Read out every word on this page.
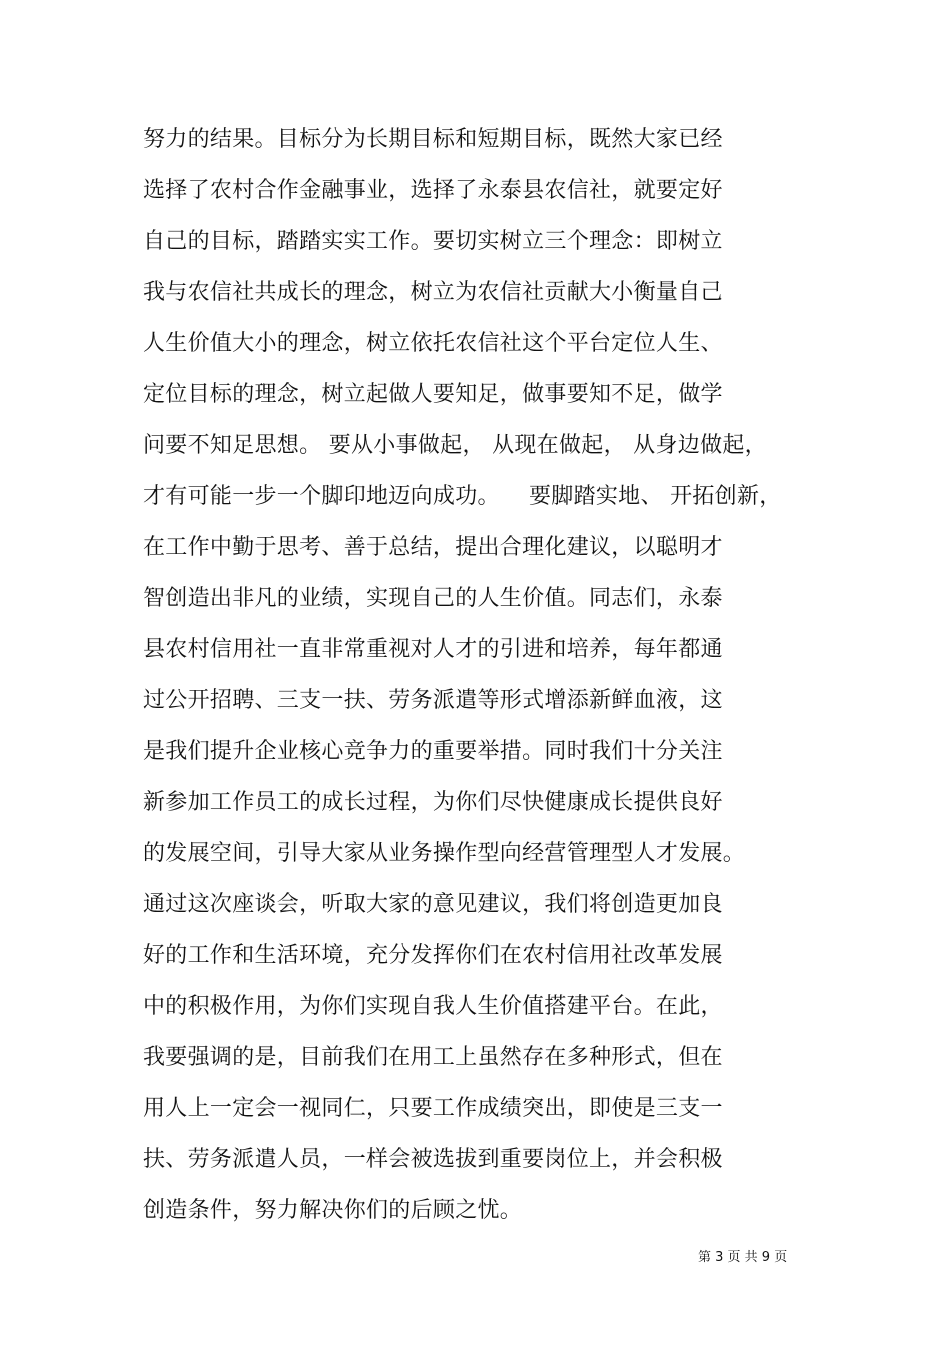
努力的结果。目标分为长期目标和短期目标，既然大家已经
选择了农村合作金融事业，选择了永泰县农信社，就要定好
自己的目标，踏踏实实工作。要切实树立三个理念：即树立
我与农信社共成长的理念，树立为农信社贡献大小衡量自己
人生价值大小的理念，树立依托农信社这个平台定位人生、
定位目标的理念，树立起做人要知足，做事要知不足，做学
问要不知足思想。 要从小事做起， 从现在做起， 从身边做起，
才有可能一步一个脚印地迈向成功。    要脚踏实地、 开拓创新，
在工作中勤于思考、善于总结，提出合理化建议，以聪明才
智创造出非凡的业绩，实现自己的人生价值。同志们，永泰
县农村信用社一直非常重视对人才的引进和培养，每年都通
过公开招聘、三支一扶、劳务派遣等形式增添新鲜血液，这
是我们提升企业核心竞争力的重要举措。同时我们十分关注
新参加工作员工的成长过程，为你们尽快健康成长提供良好
的发展空间，引导大家从业务操作型向经营管理型人才发展。
通过这次座谈会，听取大家的意见建议，我们将创造更加良
好的工作和生活环境，充分发挥你们在农村信用社改革发展
中的积极作用，为你们实现自我人生价值搭建平台。在此，
我要强调的是，目前我们在用工上虽然存在多种形式，但在
用人上一定会一视同仁，只要工作成绩突出，即使是三支一
扶、劳务派遣人员，一样会被选拔到重要岗位上，并会积极
创造条件，努力解决你们的后顾之忧。
第 3 页 共 9 页
